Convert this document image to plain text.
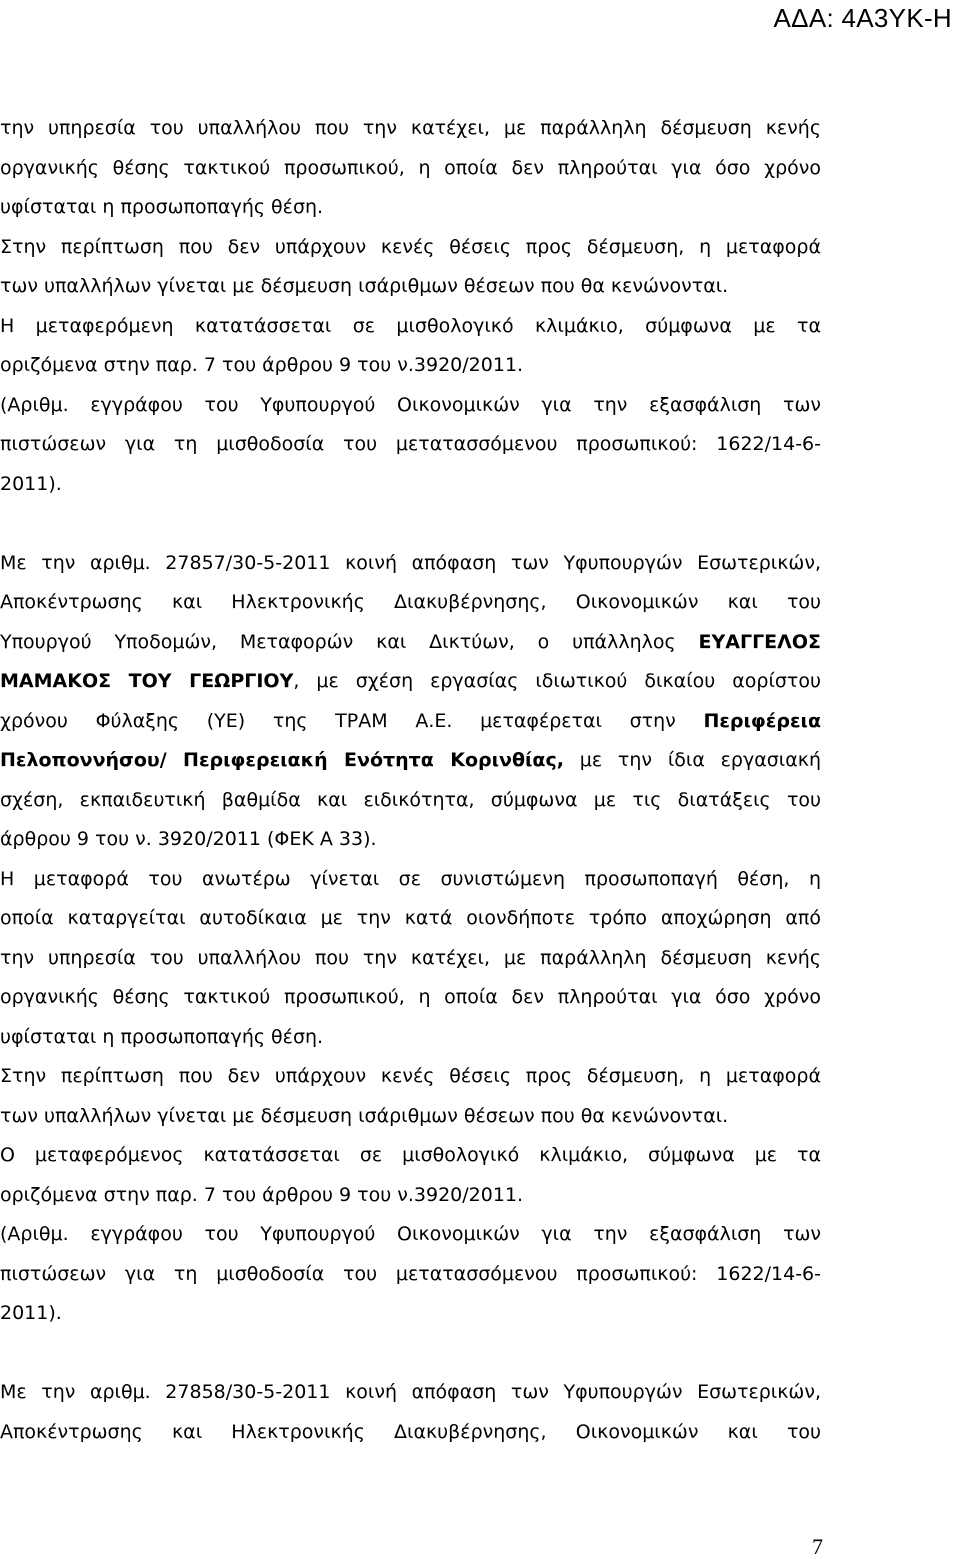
ΑΔΑ: 4Α3ΥΚ-Η
την υπηρεσία του υπαλλήλου που την κατέχει, με παράλληλη δέσμευση κενής
οργανικής θέσης τακτικού προσωπικού, η οποία δεν πληρούται για όσο χρόνο
υφίσταται η προσωποπαγής θέση.
Στην περίπτωση που δεν υπάρχουν κενές θέσεις προς δέσμευση, η μεταφορά
των υπαλλήλων γίνεται με δέσμευση ισάριθμων θέσεων που θα κενώνονται.
Η μεταφερόμενη κατατάσσεται σε μισθολογικό κλιμάκιο, σύμφωνα με τα
οριζόμενα στην παρ. 7 του άρθρου 9 του ν.3920/2011.
(Αριθμ. εγγράφου του Υφυπουργού Οικονομικών για την εξασφάλιση των
πιστώσεων για τη μισθοδοσία του μετατασσόμενου προσωπικού: 1622/14-6-
2011).
Με την αριθμ. 27857/30-5-2011 κοινή απόφαση των Υφυπουργών Εσωτερικών,
Αποκέντρωσης και Ηλεκτρονικής Διακυβέρνησης, Οικονομικών και του
Υπουργού Υποδομών, Μεταφορών και Δικτύων, ο υπάλληλος ΕΥΑΓΓΕΛΟΣ
ΜΑΜΑΚΟΣ ΤΟΥ ΓΕΩΡΓΙΟΥ, με σχέση εργασίας ιδιωτικού δικαίου αορίστου
χρόνου Φύλαξης (ΥΕ) της ΤΡΑΜ Α.Ε. μεταφέρεται στην Περιφέρεια
Πελοποννήσου/ Περιφερειακή Ενότητα Κορινθίας, με την ίδια εργασιακή
σχέση, εκπαιδευτική βαθμίδα και ειδικότητα, σύμφωνα με τις διατάξεις του
άρθρου 9 του ν. 3920/2011 (ΦΕΚ Α 33).
Η μεταφορά του ανωτέρω γίνεται σε συνιστώμενη προσωποπαγή θέση, η
οποία καταργείται αυτοδίκαια με την κατά οιονδήποτε τρόπο αποχώρηση από
την υπηρεσία του υπαλλήλου που την κατέχει, με παράλληλη δέσμευση κενής
οργανικής θέσης τακτικού προσωπικού, η οποία δεν πληρούται για όσο χρόνο
υφίσταται η προσωποπαγής θέση.
Στην περίπτωση που δεν υπάρχουν κενές θέσεις προς δέσμευση, η μεταφορά
των υπαλλήλων γίνεται με δέσμευση ισάριθμων θέσεων που θα κενώνονται.
Ο μεταφερόμενος κατατάσσεται σε μισθολογικό κλιμάκιο, σύμφωνα με τα
οριζόμενα στην παρ. 7 του άρθρου 9 του ν.3920/2011.
(Αριθμ. εγγράφου του Υφυπουργού Οικονομικών για την εξασφάλιση των
πιστώσεων για τη μισθοδοσία του μετατασσόμενου προσωπικού: 1622/14-6-
2011).
Με την αριθμ. 27858/30-5-2011 κοινή απόφαση των Υφυπουργών Εσωτερικών,
Αποκέντρωσης και Ηλεκτρονικής Διακυβέρνησης, Οικονομικών και του
7
